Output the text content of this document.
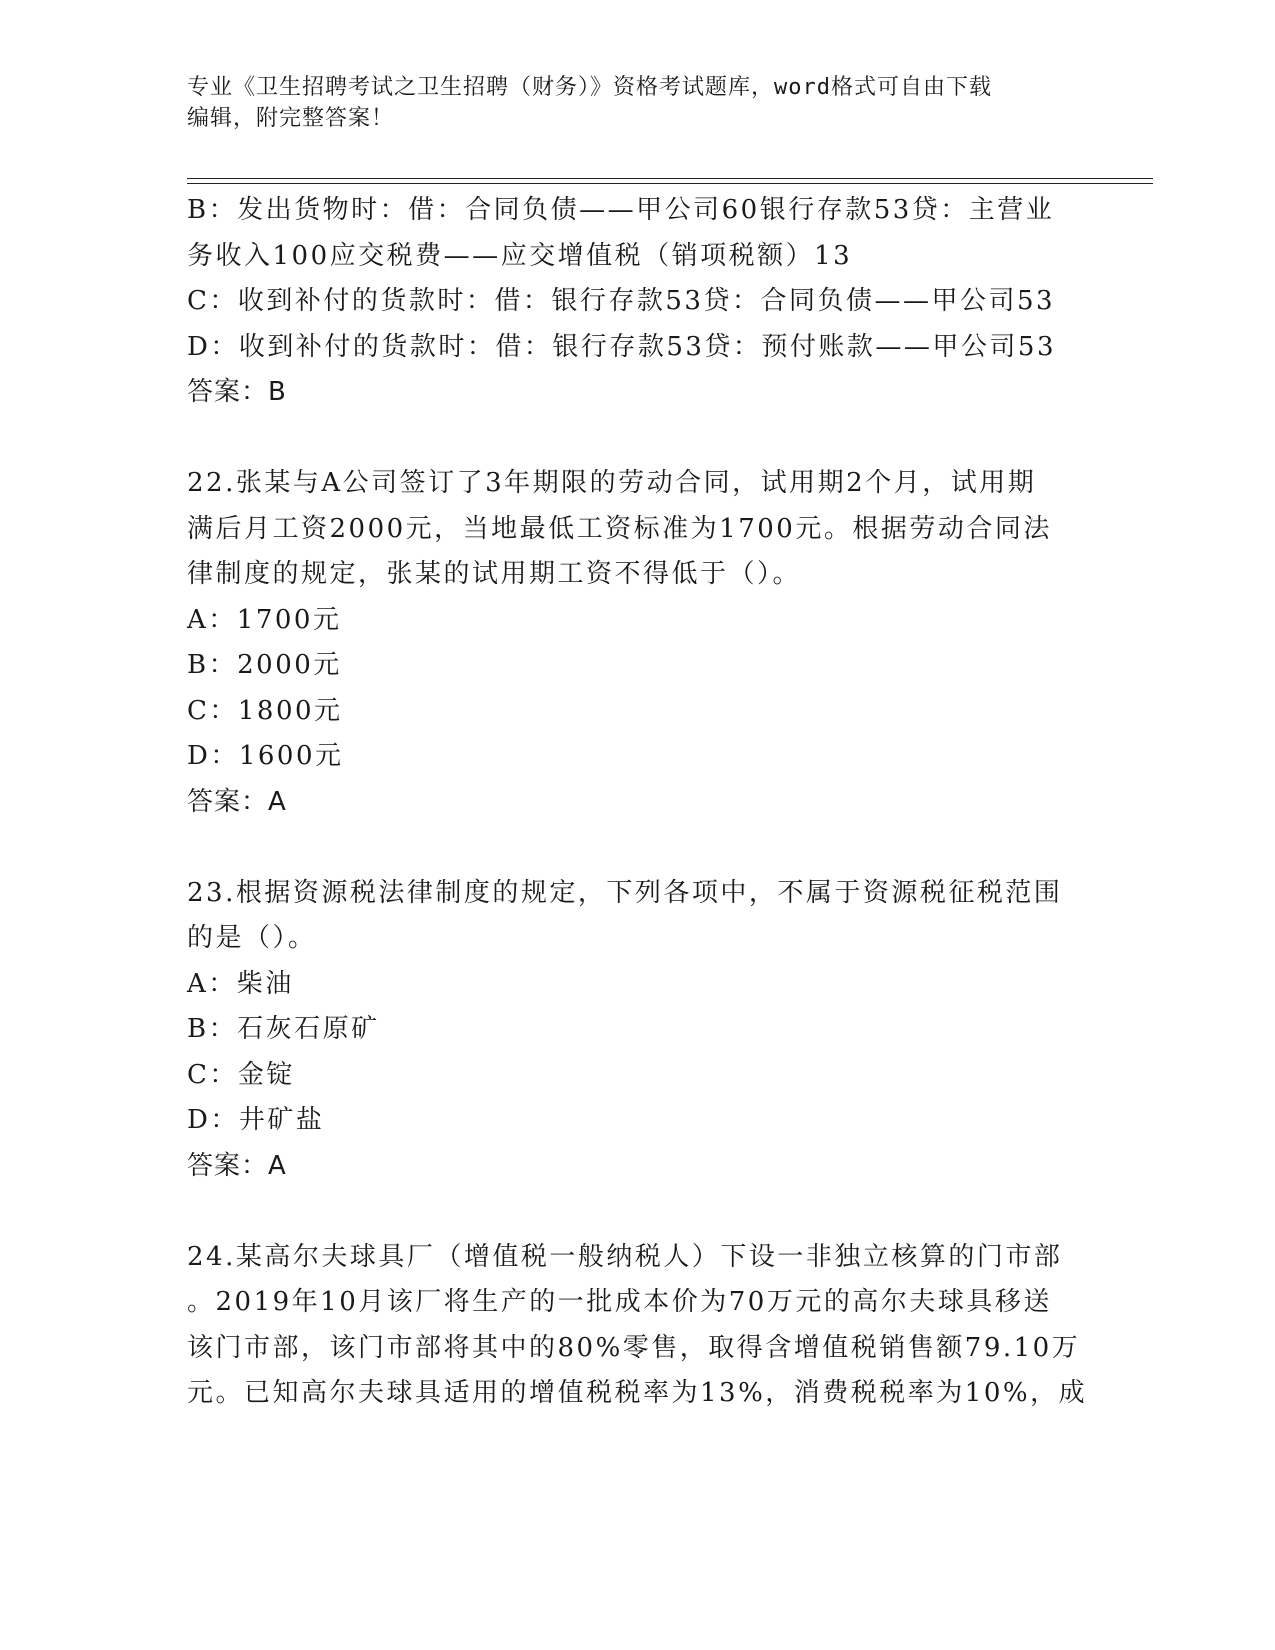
专业《卫生招聘考试之卫生招聘（财务）》资格考试题库，word格式可自由下载
编辑，附完整答案！
B：发出货物时：借：合同负债——甲公司60银行存款53贷：主营业
务收入100应交税费——应交增值税（销项税额）13
C：收到补付的货款时：借：银行存款53贷：合同负债——甲公司53
D：收到补付的货款时：借：银行存款53贷：预付账款——甲公司53
答案：B
22.张某与A公司签订了3年期限的劳动合同，试用期2个月，试用期
满后月工资2000元，当地最低工资标准为1700元。根据劳动合同法
律制度的规定，张某的试用期工资不得低于（）。
A：1700元
B：2000元
C：1800元
D：1600元
答案：A
23.根据资源税法律制度的规定，下列各项中，不属于资源税征税范围
的是（）。
A：柴油
B：石灰石原矿
C：金锭
D：井矿盐
答案：A
24.某高尔夫球具厂（增值税一般纳税人）下设一非独立核算的门市部
。2019年10月该厂将生产的一批成本价为70万元的高尔夫球具移送
该门市部，该门市部将其中的80%零售，取得含增值税销售额79.10万
元。已知高尔夫球具适用的增值税税率为13%，消费税税率为10%，成
